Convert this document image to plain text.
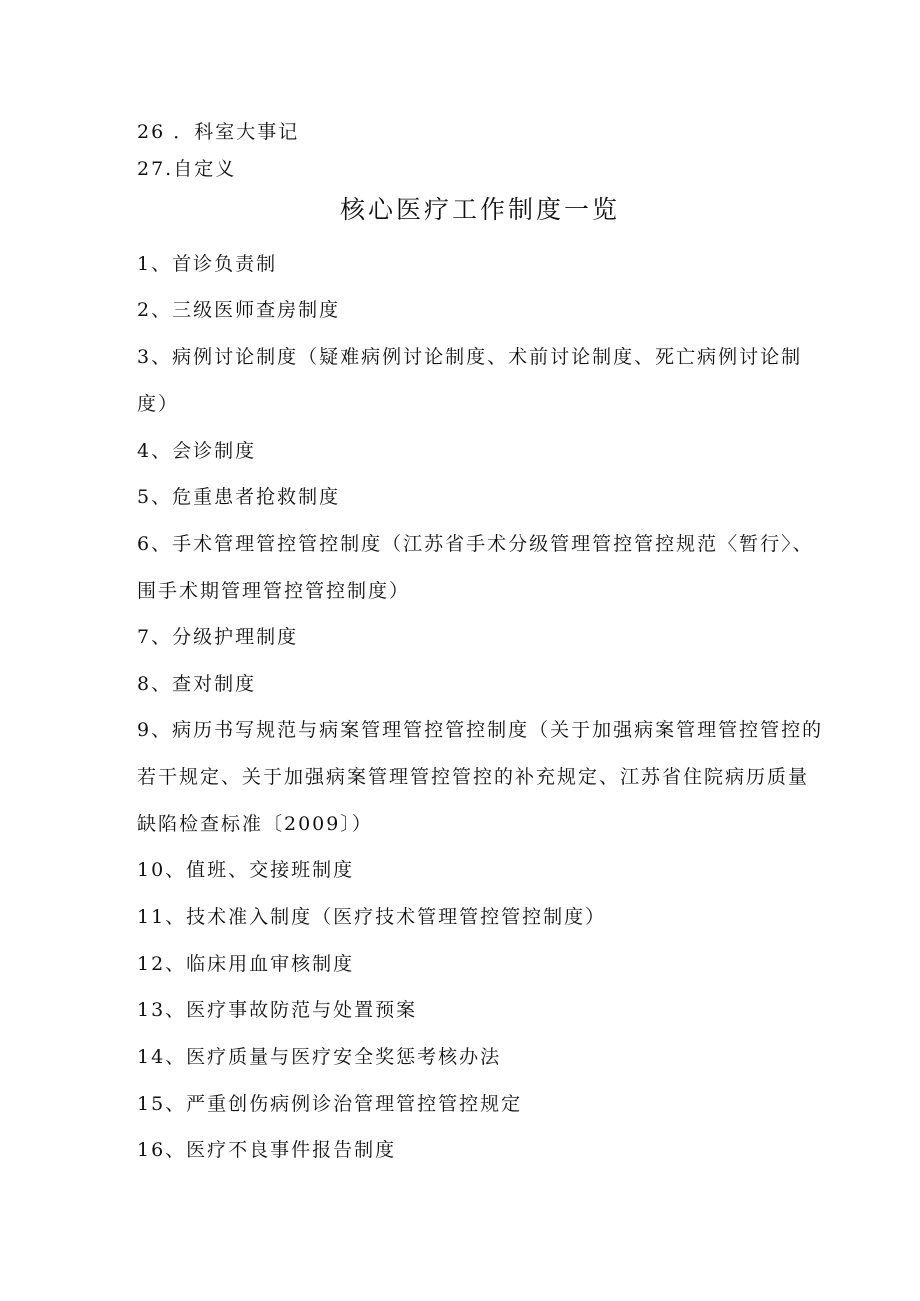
26 ．科室大事记
27.自定义
核心医疗工作制度一览
1、首诊负责制
2、三级医师查房制度
3、病例讨论制度（疑难病例讨论制度、术前讨论制度、死亡病例讨论制
度）
4、会诊制度
5、危重患者抢救制度
6、手术管理管控管控制度（江苏省手术分级管理管控管控规范〈暂行〉、
围手术期管理管控管控制度）
7、分级护理制度
8、查对制度
9、病历书写规范与病案管理管控管控制度（关于加强病案管理管控管控的
若干规定、关于加强病案管理管控管控的补充规定、江苏省住院病历质量
缺陷检查标准〔2009〕）
10、值班、交接班制度
11、技术准入制度（医疗技术管理管控管控制度）
12、临床用血审核制度
13、医疗事故防范与处置预案
14、医疗质量与医疗安全奖惩考核办法
15、严重创伤病例诊治管理管控管控规定
16、医疗不良事件报告制度
